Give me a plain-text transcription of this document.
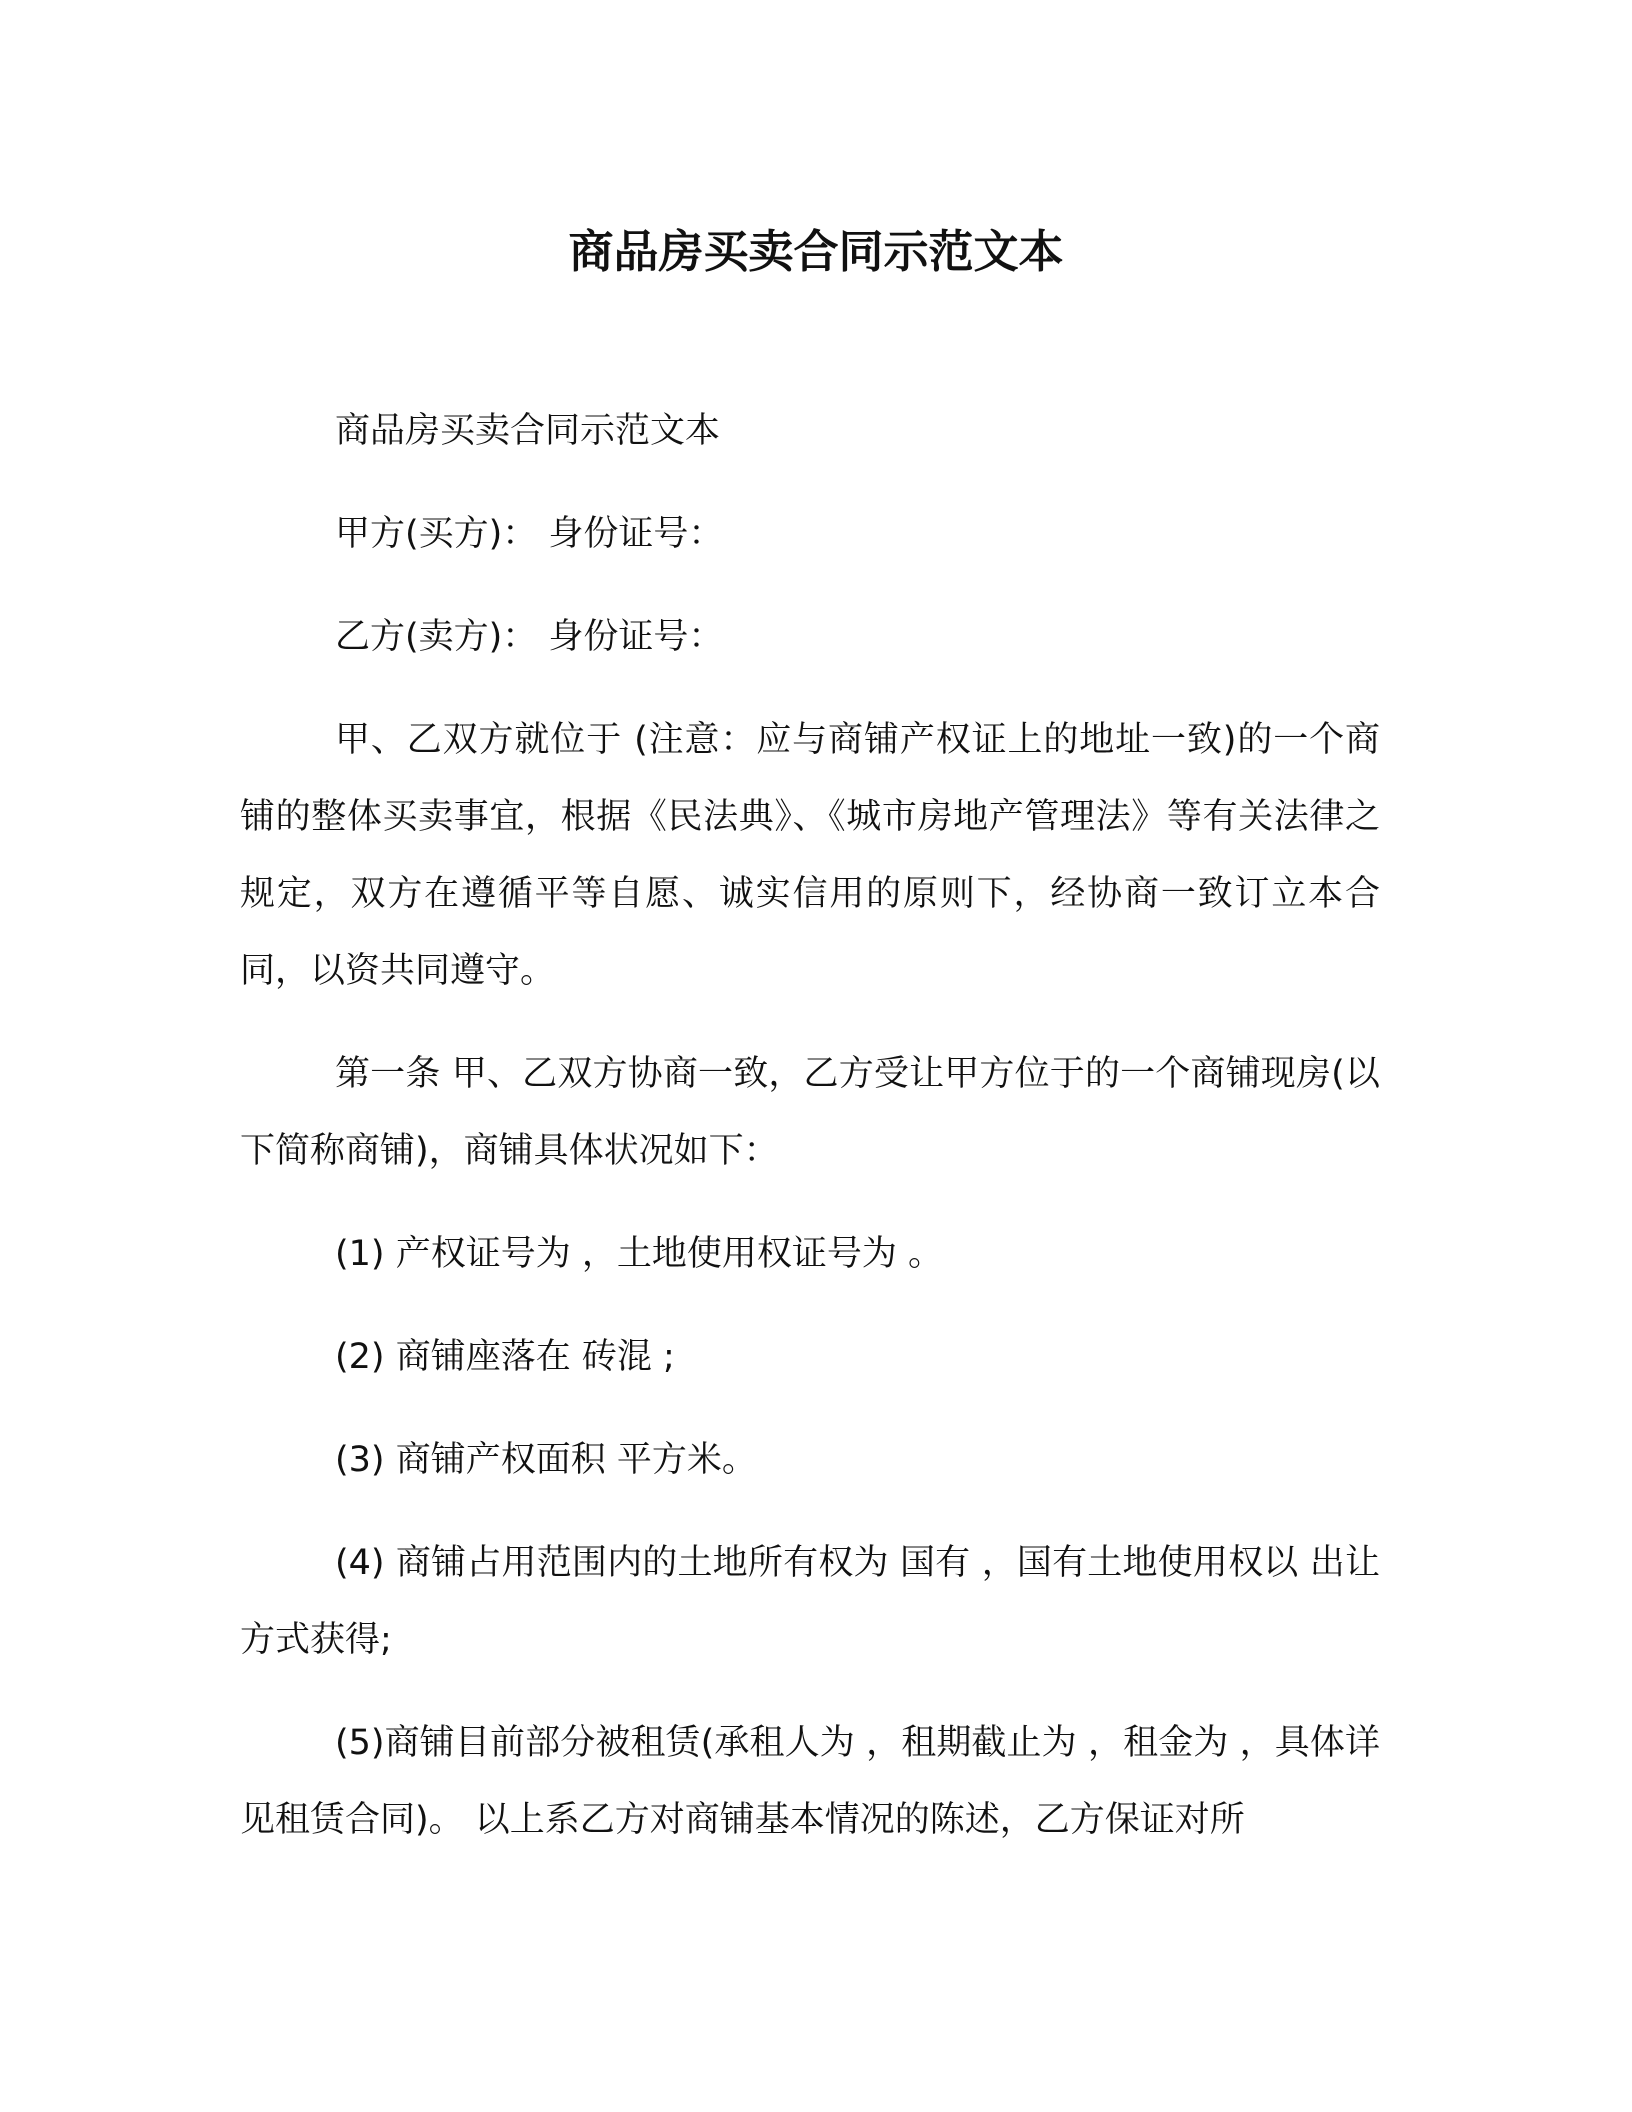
商品房买卖合同示范文本

商品房买卖合同示范文本

甲方(买方)： 身份证号：

乙方(卖方)： 身份证号：

甲、乙双方就位于 (注意：应与商铺产权证上的地址一致)的一个商铺的整体买卖事宜，根据《民法典》、《城市房地产管理法》等有关法律之规定，双方在遵循平等自愿、诚实信用的原则下，经协商一致订立本合同，以资共同遵守。

第一条 甲、乙双方协商一致，乙方受让甲方位于的一个商铺现房(以下简称商铺)，商铺具体状况如下：

(1) 产权证号为 ，土地使用权证号为 。

(2) 商铺座落在 砖混 ;

(3) 商铺产权面积 平方米。

(4) 商铺占用范围内的土地所有权为 国有 ，国有土地使用权以 出让 方式获得;

(5)商铺目前部分被租赁(承租人为 ，租期截止为 ，租金为 ，具体详见租赁合同)。 以上系乙方对商铺基本情况的陈述，乙方保证对所
